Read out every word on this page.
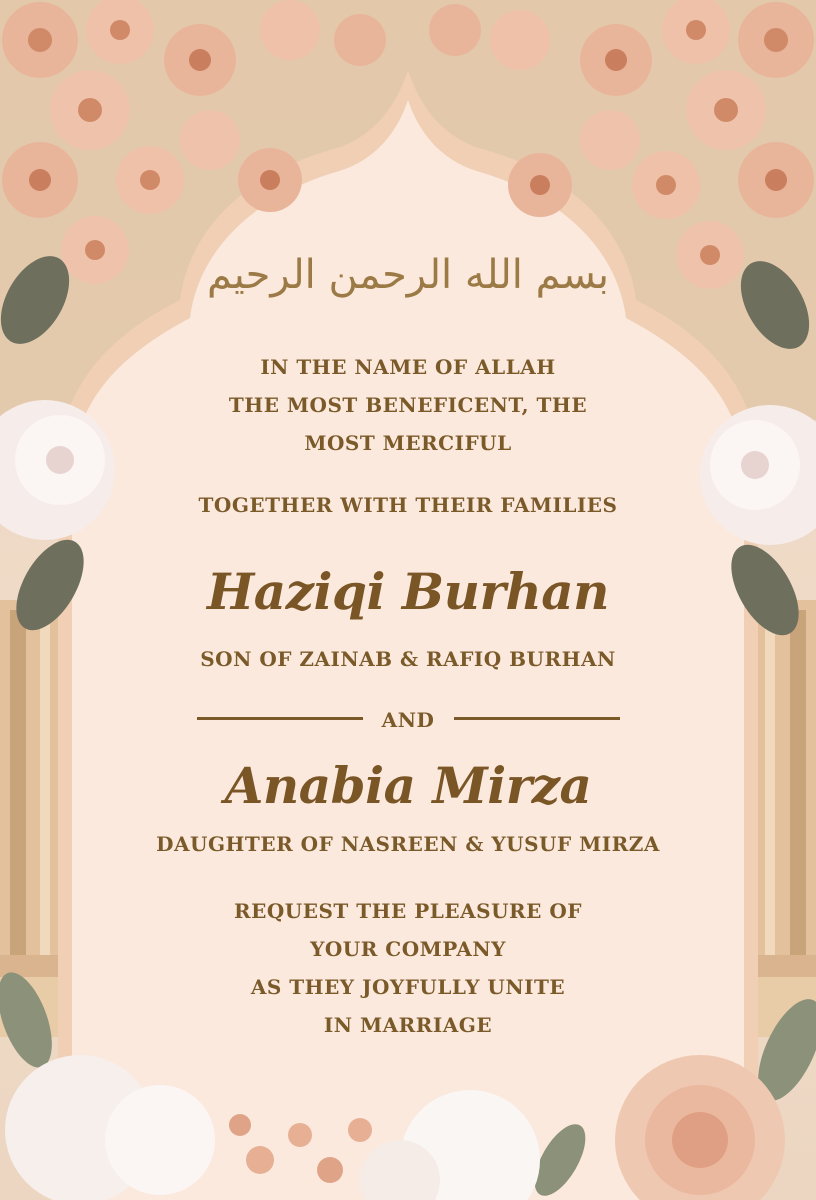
بسم الله الرحمن الرحيم
IN THE NAME OF ALLAH
THE MOST BENEFICENT, THE
MOST MERCIFUL
TOGETHER WITH THEIR FAMILIES
Haziqi Burhan
SON OF ZAINAB & RAFIQ BURHAN
AND
Anabia Mirza
DAUGHTER OF NASREEN & YUSUF MIRZA
REQUEST THE PLEASURE OF
YOUR COMPANY
AS THEY JOYFULLY UNITE
IN MARRIAGE
